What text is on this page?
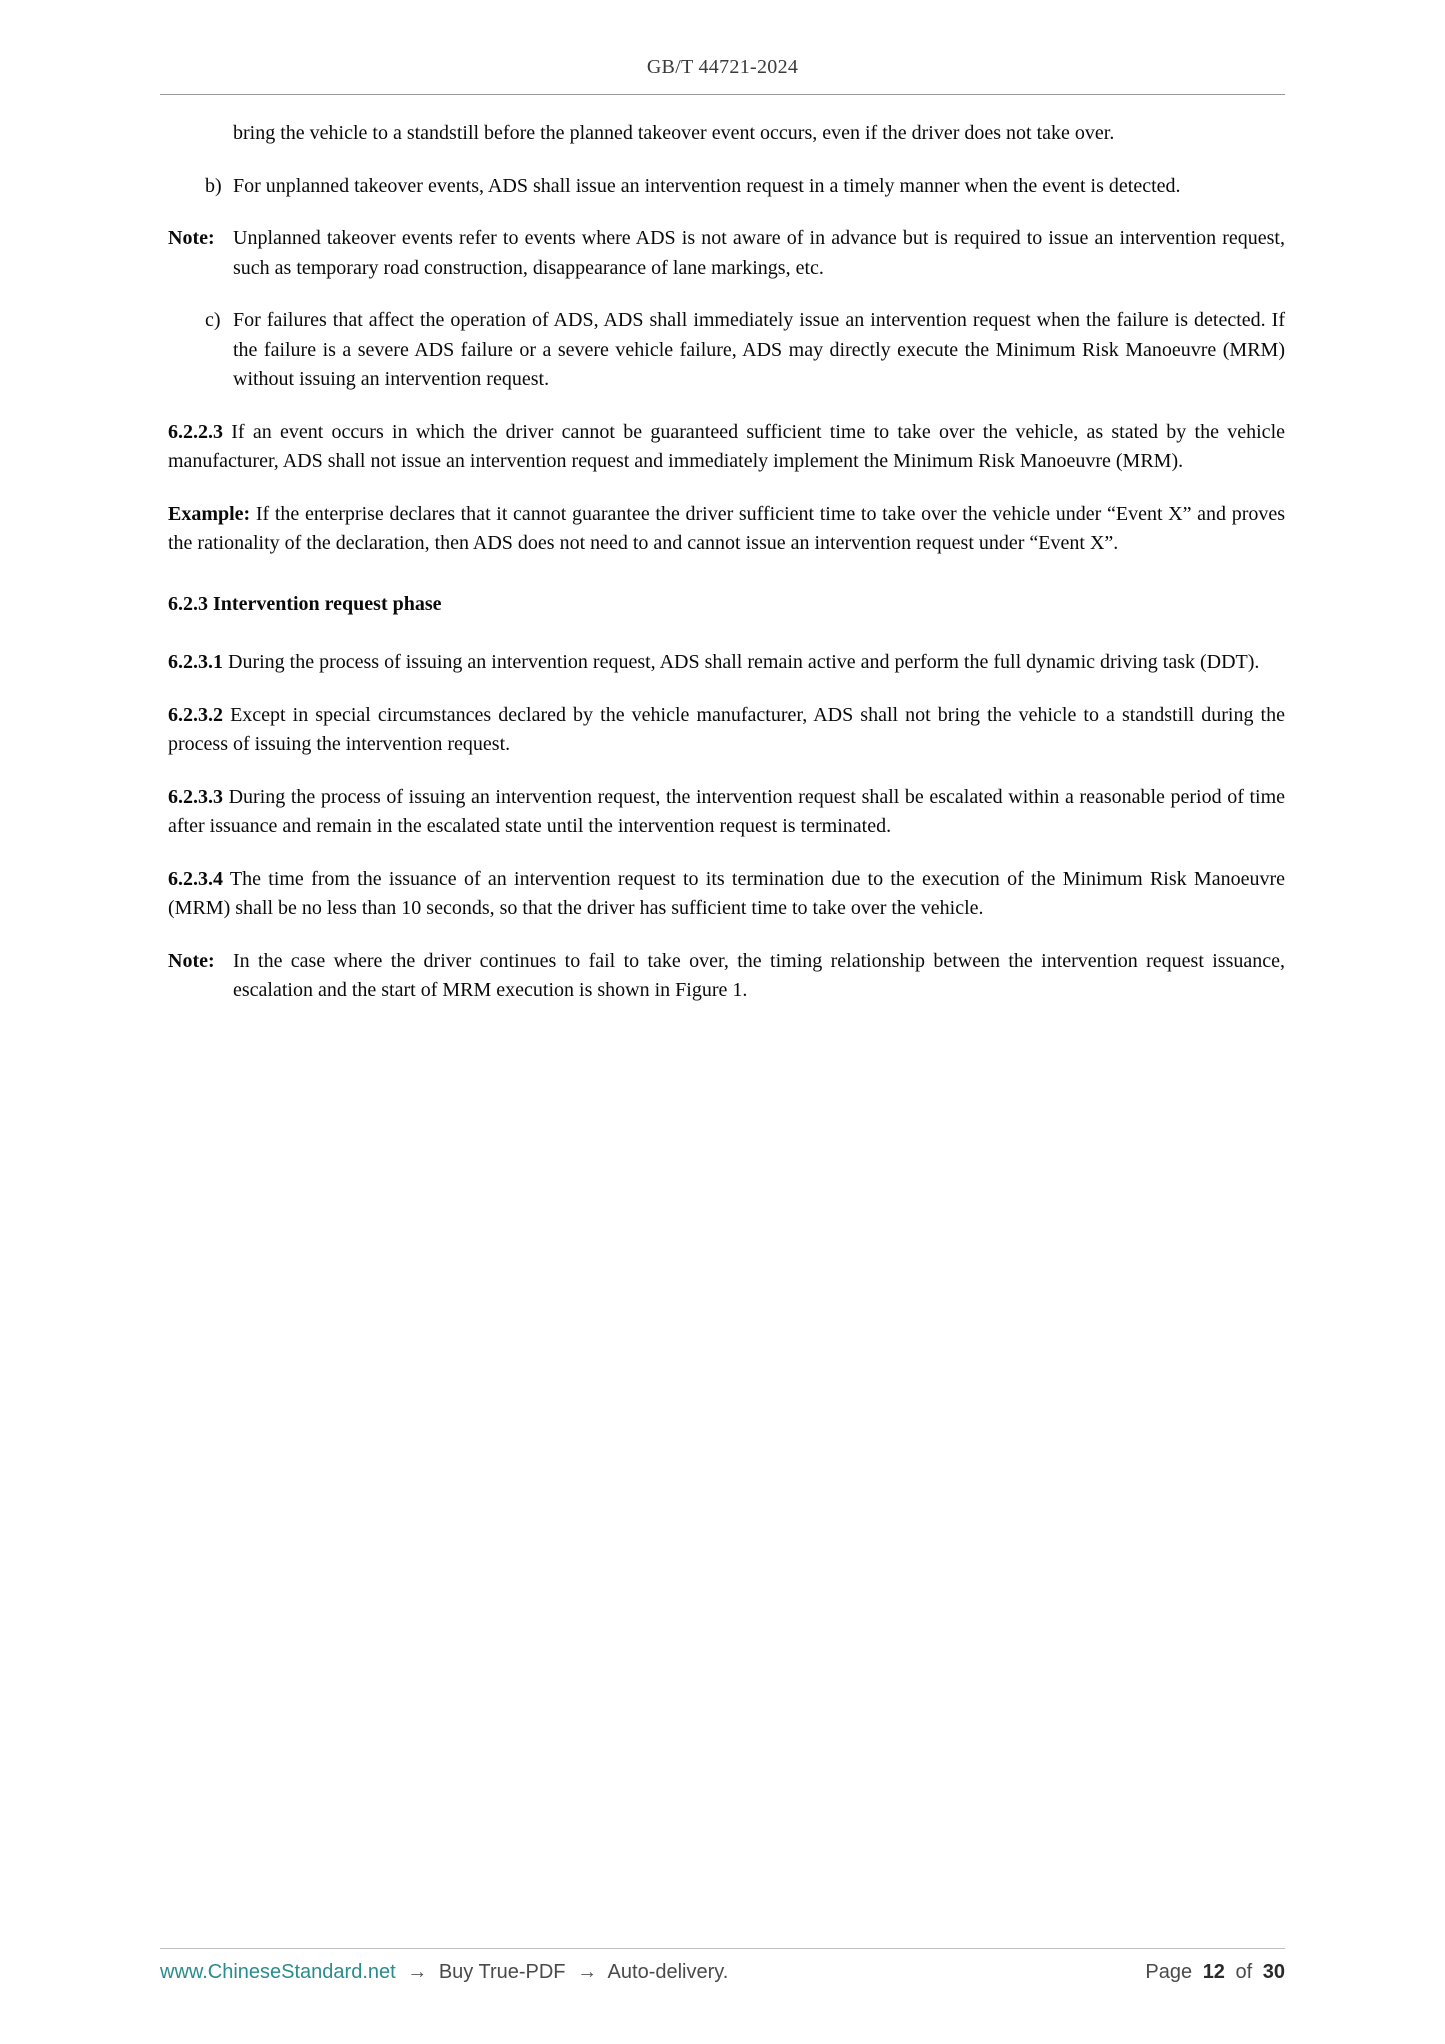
GB/T 44721-2024

bring the vehicle to a standstill before the planned takeover event occurs, even if the driver does not take over.

b) For unplanned takeover events, ADS shall issue an intervention request in a timely manner when the event is detected.
Note: Unplanned takeover events refer to events where ADS is not aware of in advance but is required to issue an intervention request, such as temporary road construction, disappearance of lane markings, etc.
c) For failures that affect the operation of ADS, ADS shall immediately issue an intervention request when the failure is detected. If the failure is a severe ADS failure or a severe vehicle failure, ADS may directly execute the Minimum Risk Manoeuvre (MRM) without issuing an intervention request.

6.2.2.3 If an event occurs in which the driver cannot be guaranteed sufficient time to take over the vehicle, as stated by the vehicle manufacturer, ADS shall not issue an intervention request and immediately implement the Minimum Risk Manoeuvre (MRM).

Example: If the enterprise declares that it cannot guarantee the driver sufficient time to take over the vehicle under “Event X” and proves the rationality of the declaration, then ADS does not need to and cannot issue an intervention request under “Event X”.

6.2.3 Intervention request phase

6.2.3.1 During the process of issuing an intervention request, ADS shall remain active and perform the full dynamic driving task (DDT).

6.2.3.2 Except in special circumstances declared by the vehicle manufacturer, ADS shall not bring the vehicle to a standstill during the process of issuing the intervention request.

6.2.3.3 During the process of issuing an intervention request, the intervention request shall be escalated within a reasonable period of time after issuance and remain in the escalated state until the intervention request is terminated.

6.2.3.4 The time from the issuance of an intervention request to its termination due to the execution of the Minimum Risk Manoeuvre (MRM) shall be no less than 10 seconds, so that the driver has sufficient time to take over the vehicle.

Note: In the case where the driver continues to fail to take over, the timing relationship between the intervention request issuance, escalation and the start of MRM execution is shown in Figure 1.
www.ChineseStandard.net → Buy True-PDF → Auto-delivery.	Page 12 of 30
